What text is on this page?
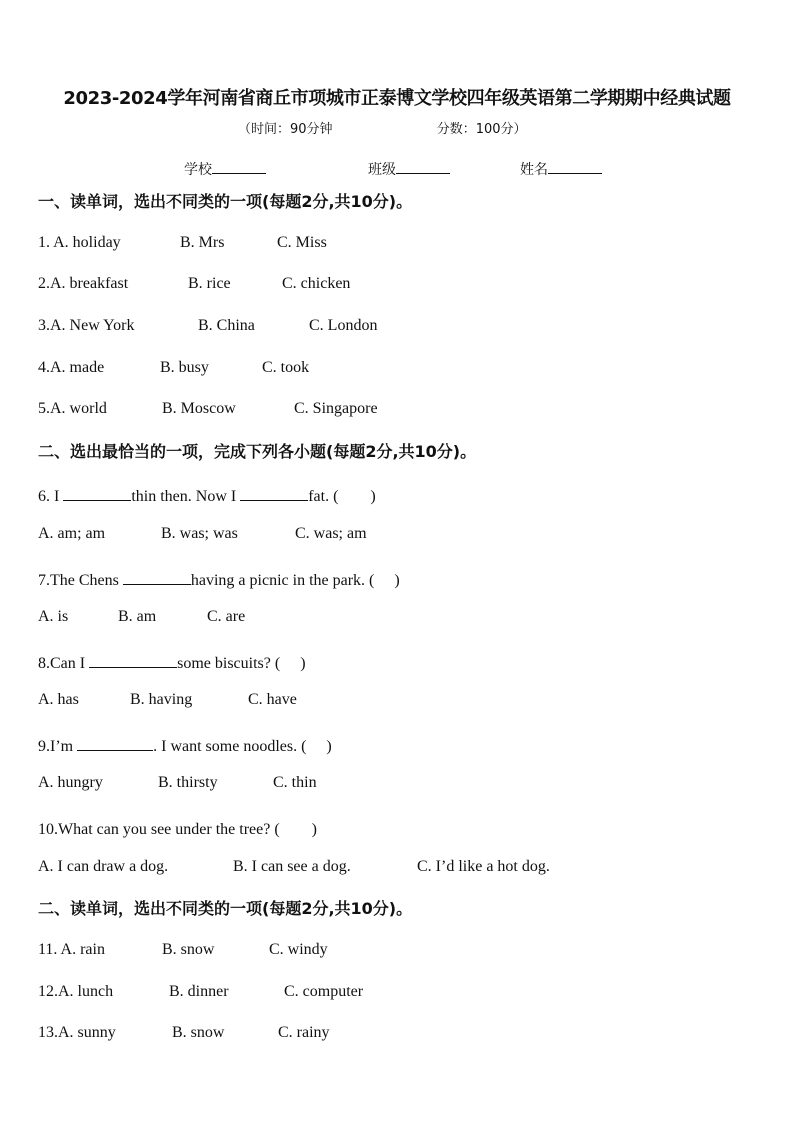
2023-2024学年河南省商丘市项城市正泰博文学校四年级英语第二学期期中经典试题
（时间：90分钟	分数：100分）
学校	班级	姓名
一、读单词，选出不同类的一项(每题2分,共10分)。
1. A. holiday	B. Mrs	C. Miss
2.A. breakfast	B. rice	C. chicken
3.A. New York	B. China	C. London
4.A. made	B. busy	C. took
5.A. world	B. Moscow	C. Singapore
二、选出最恰当的一项，完成下列各小题(每题2分,共10分)。
6. I	thin then. Now I	fat. (　　)
A. am; am	B. was; was	C. was; am
7.The Chens	having a picnic in the park. (　 )
A. is	B. am	C. are
8.Can I	some biscuits? (　 )
A. has	B. having	C. have
9.I’m	. I want some noodles. (　 )
A. hungry	B. thirsty	C. thin
10.What can you see under the tree? (　　)
A. I can draw a dog.	B. I can see a dog.	C. I’d like a hot dog.
二、读单词，选出不同类的一项(每题2分,共10分)。
11. A. rain	B. snow	C. windy
12.A. lunch	B. dinner	C. computer
13.A. sunny	B. snow	C. rainy
